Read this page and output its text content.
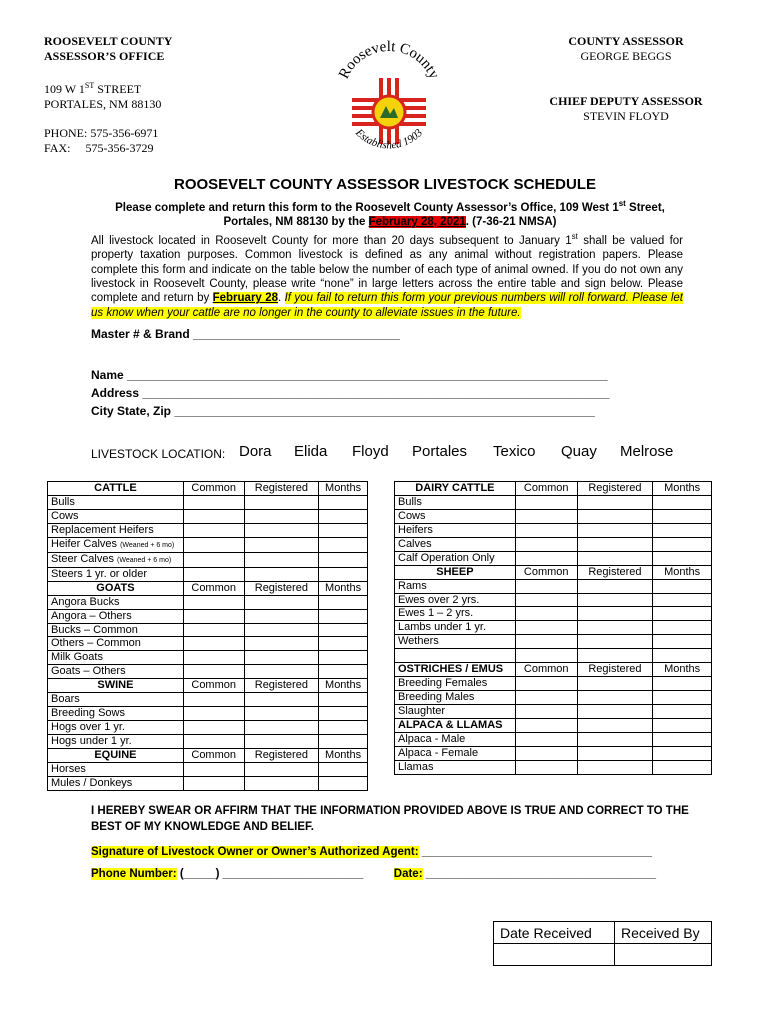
ROOSEVELT COUNTY
ASSESSOR’S OFFICE
109 W 1ST STREET
PORTALES, NM 88130
PHONE: 575-356-6971
FAX:     575-356-3729
COUNTY ASSESSOR
GEORGE BEGGS
CHIEF DEPUTY ASSESSOR
STEVIN FLOYD
Roosevelt County
Established 1903
ROOSEVELT COUNTY ASSESSOR LIVESTOCK SCHEDULE
Please complete and return this form to the Roosevelt County Assessor’s Office, 109 West 1st Street,
Portales, NM 88130 by the February 28, 2021. (7-36-21 NMSA)
All livestock located in Roosevelt County for more than 20 days subsequent to January 1st shall be valued for property taxation purposes. Common livestock is defined as any animal without registration papers. Please complete this form and indicate on the table below the number of each type of animal owned. If you do not own any livestock in Roosevelt County, please write “none” in large letters across the entire table and sign below. Please complete and return by February 28. If you fail to return this form your previous numbers will roll forward. Please let us know when your cattle are no longer in the county to alleviate issues in the future.
Master # & Brand _______________________________
Name ________________________________________________________________________
Address ______________________________________________________________________
City State, Zip _______________________________________________________________
LIVESTOCK LOCATION: Dora Elida Floyd Portales Texico Quay Melrose
CATTLE	Common	Registered	Months
Bulls			
Cows			
Replacement Heifers			
Heifer Calves (Weaned + 6 mo)			
Steer Calves (Weaned + 6 mo)			
Steers 1 yr. or older			
GOATS	Common	Registered	Months
Angora Bucks			
Angora – Others			
Bucks – Common			
Others – Common			
Milk Goats			
Goats – Others			
SWINE	Common	Registered	Months
Boars			
Breeding Sows			
Hogs over 1 yr.			
Hogs under 1 yr.			
EQUINE	Common	Registered	Months
Horses			
Mules / Donkeys			
DAIRY CATTLE	Common	Registered	Months
Bulls			
Cows			
Heifers			
Calves			
Calf Operation Only			
SHEEP	Common	Registered	Months
Rams			
Ewes over 2 yrs.			
Ewes 1 – 2 yrs.			
Lambs under 1 yr.			
Wethers			

OSTRICHES / EMUS	Common	Registered	Months
Breeding Females			
Breeding Males			
Slaughter			
ALPACA & LLAMAS			
Alpaca - Male			
Alpaca - Female			
Llamas			
I HEREBY SWEAR OR AFFIRM THAT THE INFORMATION PROVIDED ABOVE IS TRUE AND CORRECT TO THE BEST OF MY KNOWLEDGE AND BELIEF.
Signature of Livestock Owner or Owner’s Authorized Agent: ____________________________________
Phone Number: (_____) ______________________	Date: ____________________________________
Date Received	Received By
